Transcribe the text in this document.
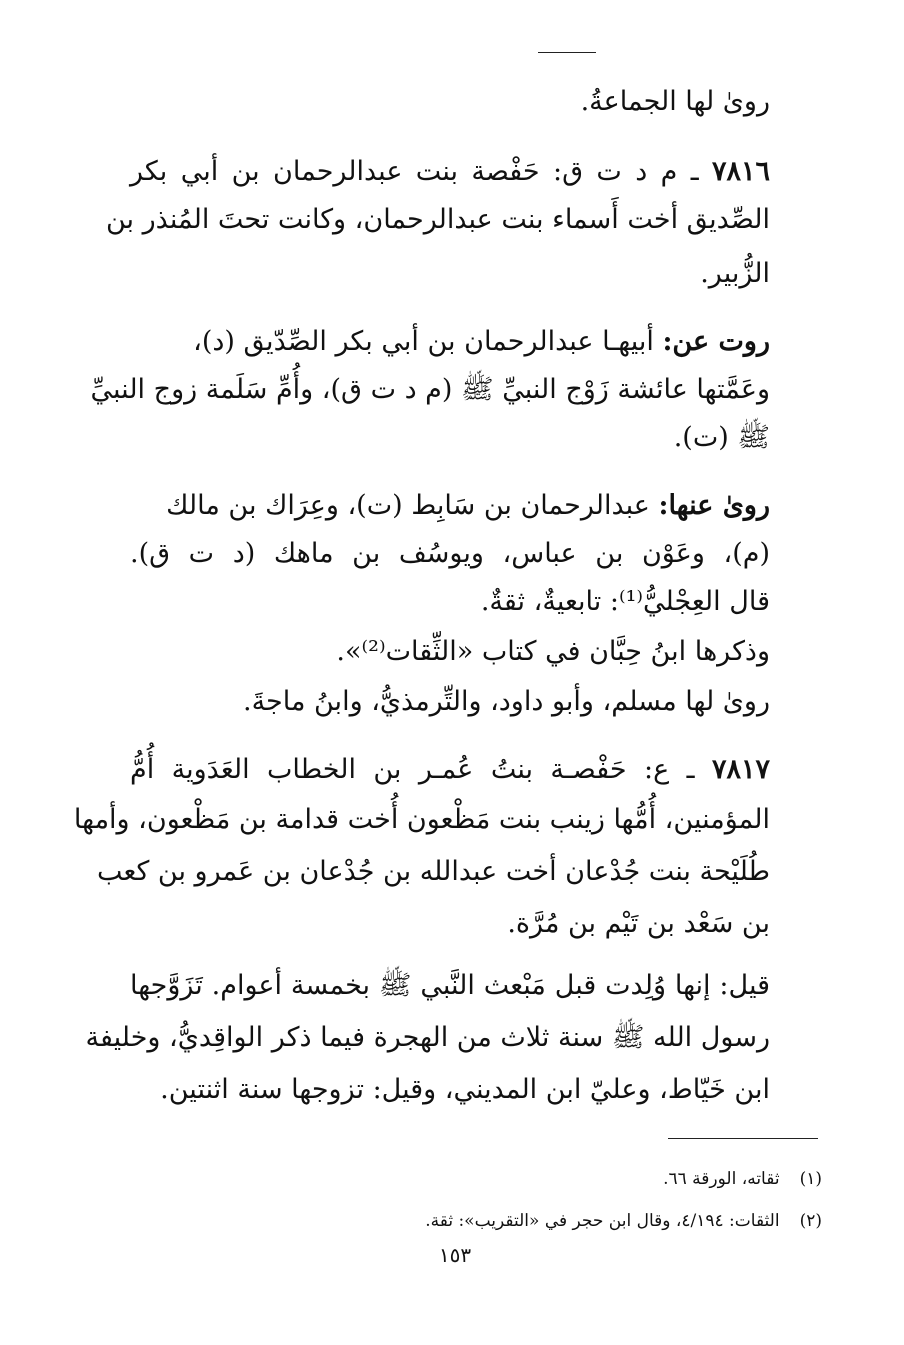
روىٰ لها الجماعةُ.
٧٨١٦ ـ م د ت ق: حَفْصة بنت عبدالرحمان بن أبي بكر
الصِّديق أخت أَسماء بنت عبدالرحمان، وكانت تحتَ المُنذر بن
الزُّبير.
روت عن: أبيهـا عبدالرحمان بن أبي بكر الصِّدّيق (د)،
وعَمَّتها عائشة زَوْج النبيِّ ﷺ (م د ت ق)، وأُمِّ سَلَمة زوج النبيِّ
ﷺ (ت).
روىٰ عنها: عبدالرحمان بن سَابِط (ت)، وعِرَاك بن مالك
(م)، وعَوْن بن عباس، ويوسُف بن ماهك (د ت ق).
قال العِجْليُّ⁽¹⁾: تابعيةٌ، ثقةٌ.
وذكرها ابنُ حِبَّان في كتاب «الثِّقات⁽²⁾».
روىٰ لها مسلم، وأبو داود، والتِّرمذيُّ، وابنُ ماجةَ.
٧٨١٧ ـ ع: حَفْصـة بنتُ عُمـر بن الخطاب العَدَوية أُمُّ
المؤمنين، أُمُّها زينب بنت مَظْعون أُخت قدامة بن مَظْعون، وأمها
طُلَيْحة بنت جُدْعان أخت عبدالله بن جُدْعان بن عَمرو بن كعب
بن سَعْد بن تَيْم بن مُرَّة.
قيل: إنها وُلِدت قبل مَبْعث النَّبي ﷺ بخمسة أعوام. تَزَوَّجها
رسول الله ﷺ سنة ثلاث من الهجرة فيما ذكر الواقِديُّ، وخليفة
ابن خَيّاط، وعليّ ابن المديني، وقيل: تزوجها سنة اثنتين.
(١)ثقاته، الورقة ٦٦.
(٢)الثقات: ٤/١٩٤، وقال ابن حجر في «التقريب»: ثقة.
١٥٣
